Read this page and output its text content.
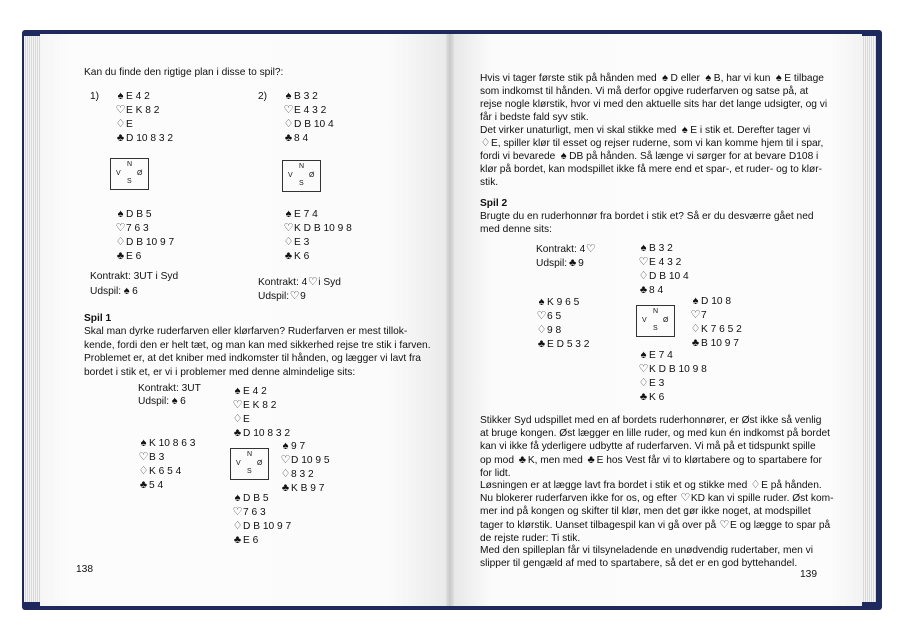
Kan du finde den rigtige plan i disse to spil?:
1) ♠ E 4 2
♡E K 8 2
♢E
♣ D 10 8 3 2
N
V Ø
S
♠ D B 5
♡7 6 3
♢D B 10 9 7
♣ E 6
Kontrakt: 3UT i Syd
Udspil: ♠ 6
2) ♠ B 3 2
♡E 4 3 2
♢D B 10 4
♣ 8 4
N
V Ø
S
♠ E 7 4
♡K D B 10 9 8
♢E 3
♣ K 6
Kontrakt: 4♡i Syd
Udspil:♡9
Spil 1
Skal man dyrke ruderfarven eller klørfarven? Ruderfarven er mest tillok-
kende, fordi den er helt tæt, og man kan med sikkerhed rejse tre stik i farven.
Problemet er, at det kniber med indkomster til hånden, og lægger vi lavt fra
bordet i stik et, er vi i problemer med denne almindelige sits:
Kontrakt: 3UT
Udspil: ♠ 6
♠ E 4 2
♡E K 8 2
♢E
♣ D 10 8 3 2
♠ K 10 8 6 3
♡B 3
♢K 6 5 4
♣ 5 4
N
V Ø
S
♠ 9 7
♡D 10 9 5
♢8 3 2
♣ K B 9 7
♠ D B 5
♡7 6 3
♢D B 10 9 7
♣ E 6
138
Hvis vi tager første stik på hånden med ♠ D eller ♠ B, har vi kun ♠ E tilbage
som indkomst til hånden. Vi må derfor opgive ruderfarven og satse på, at
rejse nogle klørstik, hvor vi med den aktuelle sits har det lange udsigter, og vi
får i bedste fald syv stik.
Det virker unaturligt, men vi skal stikke med ♠ E i stik et. Derefter tager vi
♢E, spiller klør til esset og rejser ruderne, som vi kan komme hjem til i spar,
fordi vi bevarede ♠ DB på hånden. Så længe vi sørger for at bevare D108 i
klør på bordet, kan modspillet ikke få mere end et spar-, et ruder- og to klør-
stik.
Spil 2
Brugte du en ruderhonnør fra bordet i stik et? Så er du desværre gået ned
med denne sits:
Kontrakt: 4♡
Udspil: ♣ 9
♠ B 3 2
♡E 4 3 2
♢D B 10 4
♣ 8 4
♠ K 9 6 5
♡6 5
♢9 8
♣ E D 5 3 2
N
V Ø
S
♠ D 10 8
♡7
♢K 7 6 5 2
♣ B 10 9 7
♠ E 7 4
♡K D B 10 9 8
♢E 3
♣ K 6
Stikker Syd udspillet med en af bordets ruderhonnører, er Øst ikke så venlig
at bruge kongen. Øst lægger en lille ruder, og med kun én indkomst på bordet
kan vi ikke få yderligere udbytte af ruderfarven. Vi må på et tidspunkt spille
op mod ♣ K, men med ♣ E hos Vest får vi to klørtabere og to spartabere for
for lidt.
Løsningen er at lægge lavt fra bordet i stik et og stikke med ♢E på hånden.
Nu blokerer ruderfarven ikke for os, og efter ♡KD kan vi spille ruder. Øst kom-
mer ind på kongen og skifter til klør, men det gør ikke noget, at modspillet
tager to klørstik. Uanset tilbagespil kan vi gå over på ♡E og lægge to spar på
de rejste ruder: Ti stik.
Med den spilleplan får vi tilsyneladende en unødvendig rudertaber, men vi
slipper til gengæld af med to spartabere, så det er en god byttehandel.
139
